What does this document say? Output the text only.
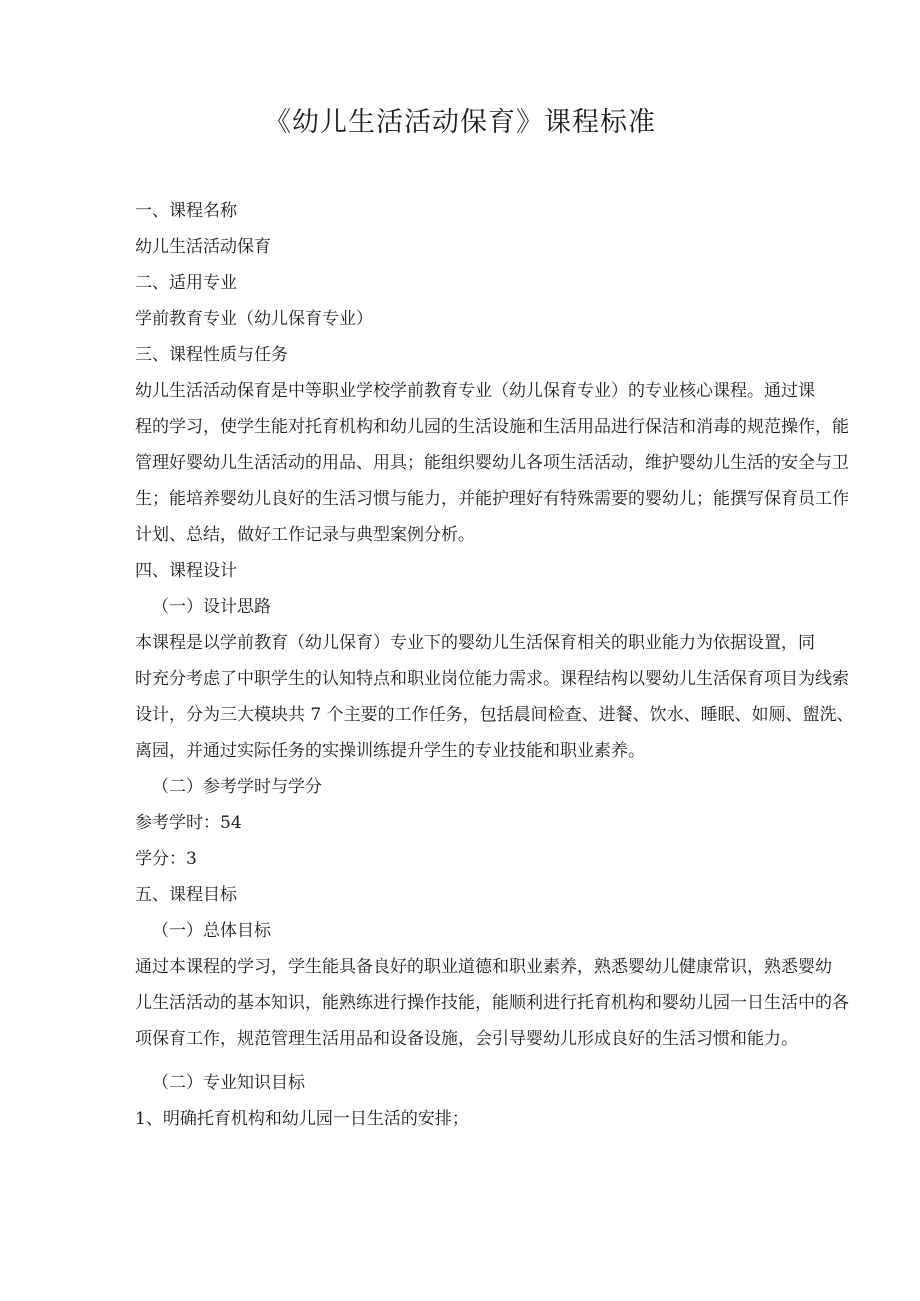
《幼儿生活活动保育》课程标准
一、课程名称
幼儿生活活动保育
二、适用专业
学前教育专业（幼儿保育专业）
三、课程性质与任务
幼儿生活活动保育是中等职业学校学前教育专业（幼儿保育专业）的专业核心课程。通过课
程的学习，使学生能对托育机构和幼儿园的生活设施和生活用品进行保洁和消毒的规范操作，能
管理好婴幼儿生活活动的用品、用具；能组织婴幼儿各项生活活动，维护婴幼儿生活的安全与卫
生；能培养婴幼儿良好的生活习惯与能力，并能护理好有特殊需要的婴幼儿；能撰写保育员工作
计划、总结，做好工作记录与典型案例分析。
四、课程设计
（一）设计思路
本课程是以学前教育（幼儿保育）专业下的婴幼儿生活保育相关的职业能力为依据设置，同
时充分考虑了中职学生的认知特点和职业岗位能力需求。课程结构以婴幼儿生活保育项目为线索
设计，分为三大模块共 7 个主要的工作任务，包括晨间检查、进餐、饮水、睡眠、如厕、盥洗、
离园，并通过实际任务的实操训练提升学生的专业技能和职业素养。
（二）参考学时与学分
参考学时：54
学分：3
五、课程目标
（一）总体目标
通过本课程的学习，学生能具备良好的职业道德和职业素养，熟悉婴幼儿健康常识，熟悉婴幼
儿生活活动的基本知识，能熟练进行操作技能，能顺利进行托育机构和婴幼儿园一日生活中的各
项保育工作，规范管理生活用品和设备设施，会引导婴幼儿形成良好的生活习惯和能力。
（二）专业知识目标
1、明确托育机构和幼儿园一日生活的安排；
